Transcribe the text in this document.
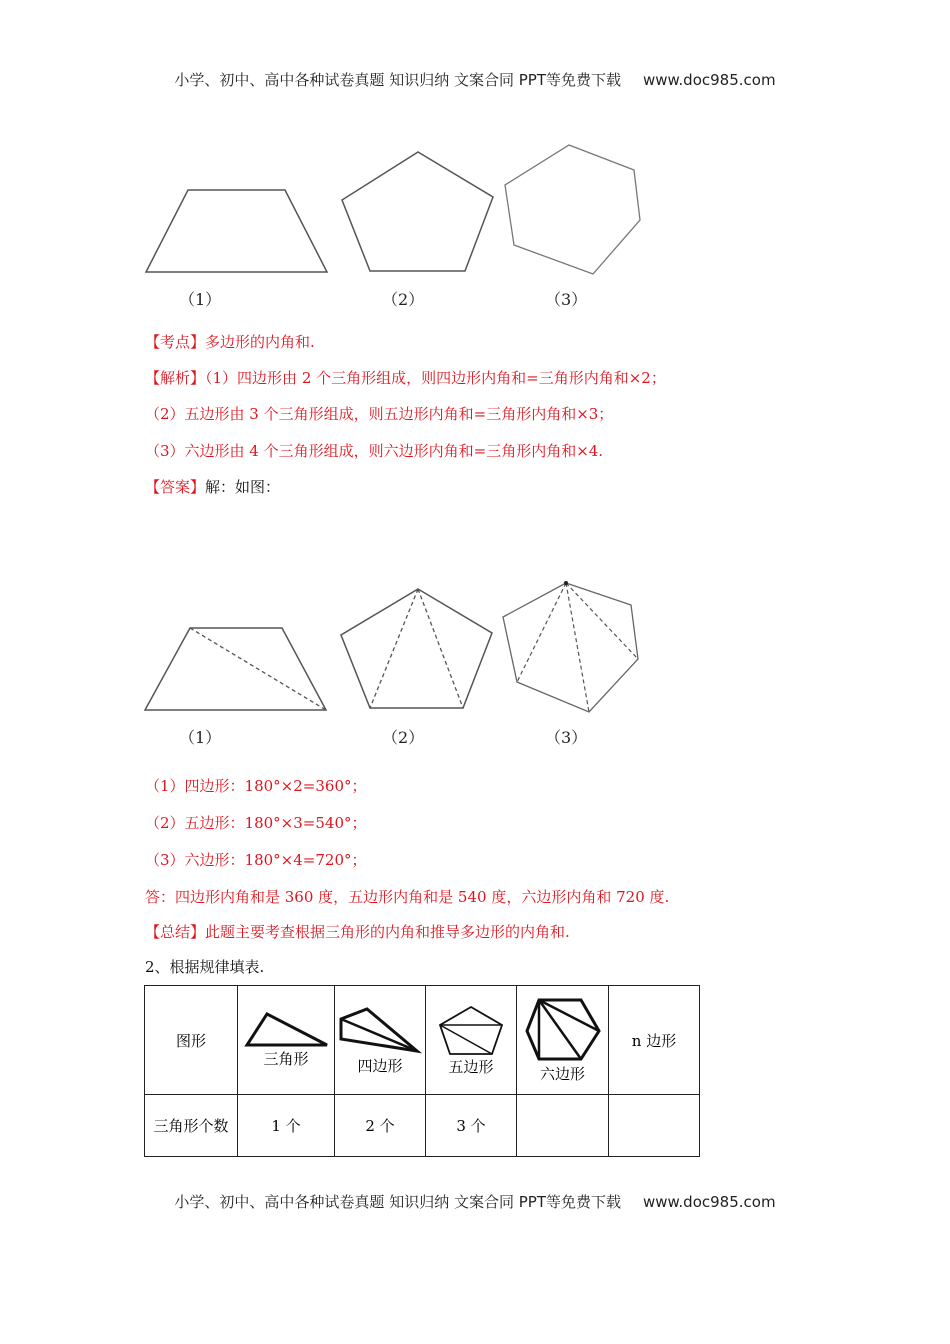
小学、初中、高中各种试卷真题 知识归纳 文案合同 PPT等免费下载 www.doc985.com
（1）	（2）	（3）
【考点】多边形的内角和.
【解析】（1）四边形由 2 个三角形组成，则四边形内角和=三角形内角和×2；
（2）五边形由 3 个三角形组成，则五边形内角和=三角形内角和×3；
（3）六边形由 4 个三角形组成，则六边形内角和=三角形内角和×4.
【答案】解：如图：
（1）	（2）	（3）
（1）四边形：180°×2=360°；
（2）五边形：180°×3=540°；
（3）六边形：180°×4=720°；
答：四边形内角和是 360 度，五边形内角和是 540 度，六边形内角和 720 度.
【总结】此题主要考查根据三角形的内角和推导多边形的内角和.
2、根据规律填表.
图形	三角形	四边形	五边形	六边形	n 边形
三角形个数	1 个	2 个	3 个		
小学、初中、高中各种试卷真题 知识归纳 文案合同 PPT等免费下载 www.doc985.com
